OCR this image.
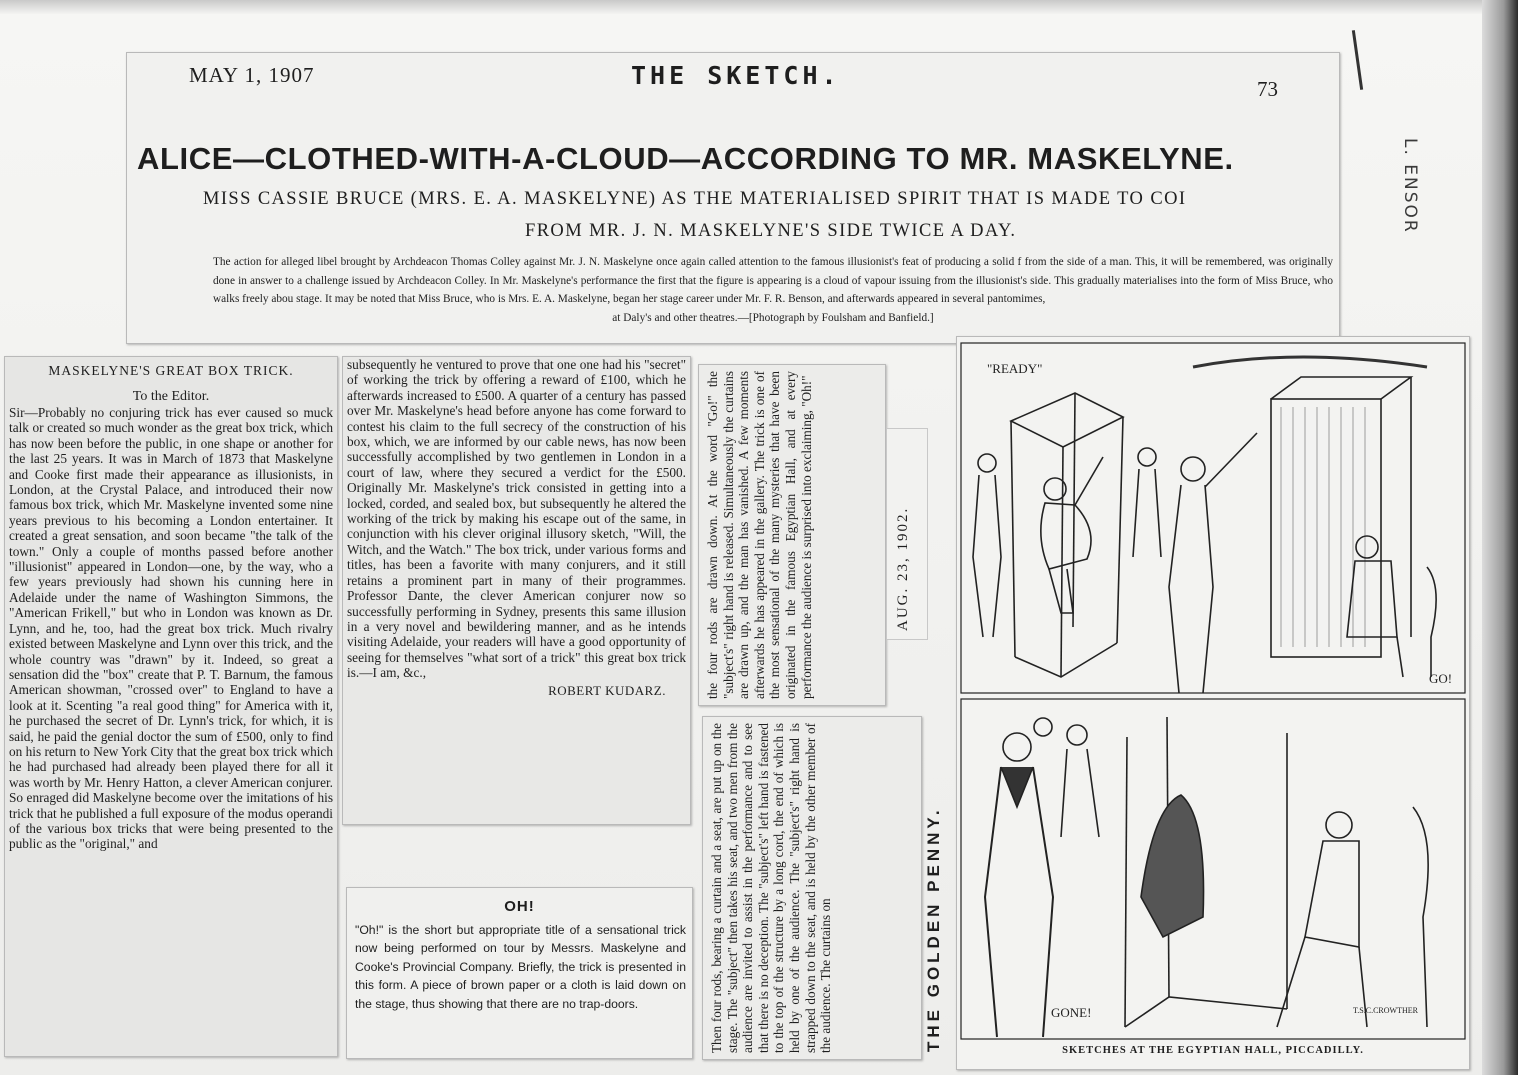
MAY 1, 1907	THE SKETCH.	73
ALICE—CLOTHED-WITH-A-CLOUD—ACCORDING TO MR. MASKELYNE.
MISS CASSIE BRUCE (MRS. E. A. MASKELYNE) AS THE MATERIALISED SPIRIT THAT IS MADE TO COI
FROM MR. J. N. MASKELYNE'S SIDE TWICE A DAY.
The action for alleged libel brought by Archdeacon Thomas Colley against Mr. J. N. Maskelyne once again called attention to the famous illusionist's feat of producing a solid f from the side of a man. This, it will be remembered, was originally done in answer to a challenge issued by Archdeacon Colley. In Mr. Maskelyne's performance the first that the figure is appearing is a cloud of vapour issuing from the illusionist's side. This gradually materialises into the form of Miss Bruce, who walks freely abou stage. It may be noted that Miss Bruce, who is Mrs. E. A. Maskelyne, began her stage career under Mr. F. R. Benson, and afterwards appeared in several pantomimes,
at Daly's and other theatres.—[Photograph by Foulsham and Banfield.]
L. ENSOR
MASKELYNE'S GREAT BOX TRICK.
To the Editor.
Sir—Probably no conjuring trick has ever caused so muck talk or created so much wonder as the great box trick, which has now been before the public, in one shape or another for the last 25 years. It was in March of 1873 that Maskelyne and Cooke first made their appearance as illusionists, in London, at the Crystal Palace, and introduced their now famous box trick, which Mr. Maskelyne invented some nine years previous to his becoming a London entertainer. It created a great sensation, and soon became "the talk of the town." Only a couple of months passed before another "illusionist" appeared in London—one, by the way, who a few years previously had shown his cunning here in Adelaide under the name of Washington Simmons, the "American Frikell," but who in London was known as Dr. Lynn, and he, too, had the great box trick. Much rivalry existed between Maskelyne and Lynn over this trick, and the whole country was "drawn" by it. Indeed, so great a sensation did the "box" create that P. T. Barnum, the famous American showman, "crossed over" to England to have a look at it. Scenting "a real good thing" for America with it, he purchased the secret of Dr. Lynn's trick, for which, it is said, he paid the genial doctor the sum of £500, only to find on his return to New York City that the great box trick which he had purchased had already been played there for all it was worth by Mr. Henry Hatton, a clever American conjurer. So enraged did Maskelyne become over the imitations of his trick that he published a full exposure of the modus operandi of the various box tricks that were being presented to the public as the "original," and
subsequently he ventured to prove that one one had his "secret" of working the trick by offering a reward of £100, which he afterwards increased to £500. A quarter of a century has passed over Mr. Maskelyne's head before anyone has come forward to contest his claim to the full secrecy of the construction of his box, which, we are informed by our cable news, has now been successfully accomplished by two gentlemen in London in a court of law, where they secured a verdict for the £500. Originally Mr. Maskelyne's trick consisted in getting into a locked, corded, and sealed box, but subsequently he altered the working of the trick by making his escape out of the same, in conjunction with his clever original illusory sketch, "Will, the Witch, and the Watch." The box trick, under various forms and titles, has been a favorite with many conjurers, and it still retains a prominent part in many of their programmes. Professor Dante, the clever American conjurer now so successfully performing in Sydney, presents this same illusion in a very novel and bewildering manner, and as he intends visiting Adelaide, your readers will have a good opportunity of seeing for themselves "what sort of a trick" this great box trick is.—I am, &c.,
ROBERT KUDARZ.
OH!
"Oh!" is the short but appropriate title of a sensational trick now being performed on tour by Messrs. Maskelyne and Cooke's Provincial Company. Briefly, the trick is presented in this form. A piece of brown paper or a cloth is laid down on the stage, thus showing that there are no trap-doors.
the four rods are drawn down. At the word "Go!" the "subject's" right hand is released. Simultaneously the curtains are drawn up, and the man has vanished. A few moments afterwards he has appeared in the gallery. The trick is one of the most sensational of the many mysteries that have been originated in the famous Egyptian Hall, and at every performance the audience is surprised into exclaiming, "Oh!"	AUG. 23, 1902.
Then four rods, bearing a curtain and a seat, are put up on the stage. The "subject" then takes his seat, and two men from the audience are invited to assist in the performance and to see that there is no deception. The "subject's" left hand is fastened to the top of the structure by a long cord, the end of which is held by one of the audience. The "subject's" right hand is strapped down to the seat, and is held by the other member of the audience. The curtains on	THE GOLDEN PENNY.
"READY"
GO!
GONE!	T.S.C.CROWTHER
SKETCHES AT THE EGYPTIAN HALL, PICCADILLY.
